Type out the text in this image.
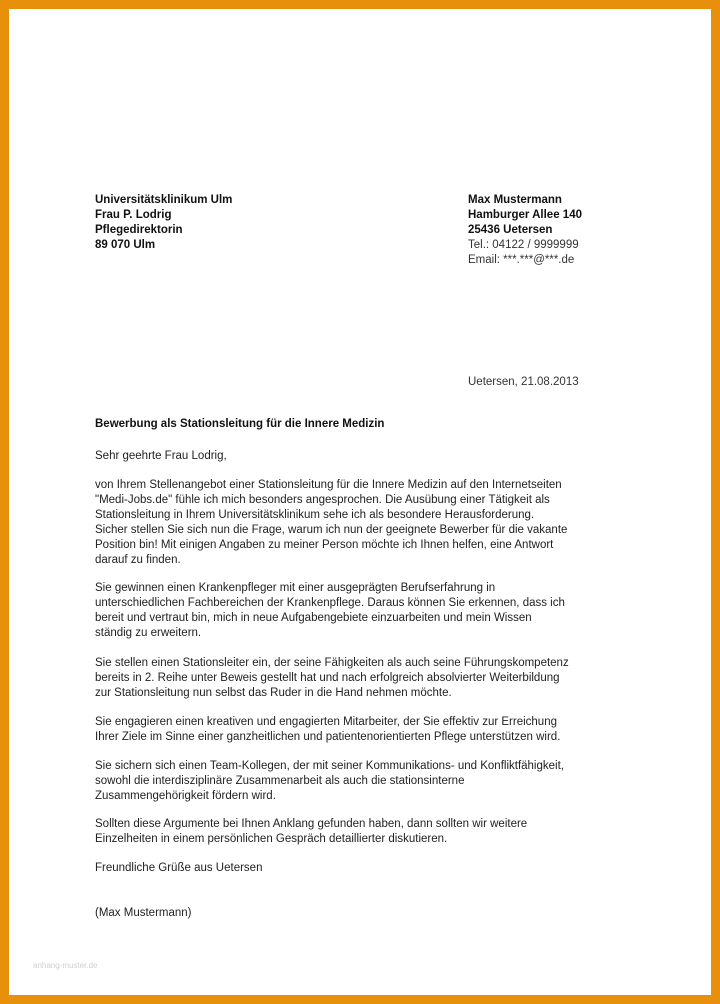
Universitätsklinikum Ulm
Frau P. Lodrig
Pflegedirektorin
89 070 Ulm
Max Mustermann
Hamburger Allee 140
25436 Uetersen
Tel.: 04122 / 9999999
Email: ***.***@***.de
Uetersen, 21.08.2013
Bewerbung als Stationsleitung für die Innere Medizin
Sehr geehrte Frau Lodrig,
von Ihrem Stellenangebot einer Stationsleitung für die Innere Medizin auf den Internetseiten
"Medi-Jobs.de" fühle ich mich besonders angesprochen. Die Ausübung einer Tätigkeit als
Stationsleitung in Ihrem Universitätsklinikum sehe ich als besondere Herausforderung.
Sicher stellen Sie sich nun die Frage, warum ich nun der geeignete Bewerber für die vakante
Position bin! Mit einigen Angaben zu meiner Person möchte ich Ihnen helfen, eine Antwort
darauf zu finden.
Sie gewinnen einen Krankenpfleger mit einer ausgeprägten Berufserfahrung in
unterschiedlichen Fachbereichen der Krankenpflege. Daraus können Sie erkennen, dass ich
bereit und vertraut bin, mich in neue Aufgabengebiete einzuarbeiten und mein Wissen
ständig zu erweitern.
Sie stellen einen Stationsleiter ein, der seine Fähigkeiten als auch seine Führungskompetenz
bereits in 2. Reihe unter Beweis gestellt hat und nach erfolgreich absolvierter Weiterbildung
zur Stationsleitung nun selbst das Ruder in die Hand nehmen möchte.
Sie engagieren einen kreativen und engagierten Mitarbeiter, der Sie effektiv zur Erreichung
Ihrer Ziele im Sinne einer ganzheitlichen und patientenorientierten Pflege unterstützen wird.
Sie sichern sich einen Team-Kollegen, der mit seiner Kommunikations- und Konfliktfähigkeit,
sowohl die interdisziplinäre Zusammenarbeit als auch die stationsinterne
Zusammengehörigkeit fördern wird.
Sollten diese Argumente bei Ihnen Anklang gefunden haben, dann sollten wir weitere
Einzelheiten in einem persönlichen Gespräch detaillierter diskutieren.
Freundliche Grüße aus Uetersen
(Max Mustermann)
anhang-muster.de
